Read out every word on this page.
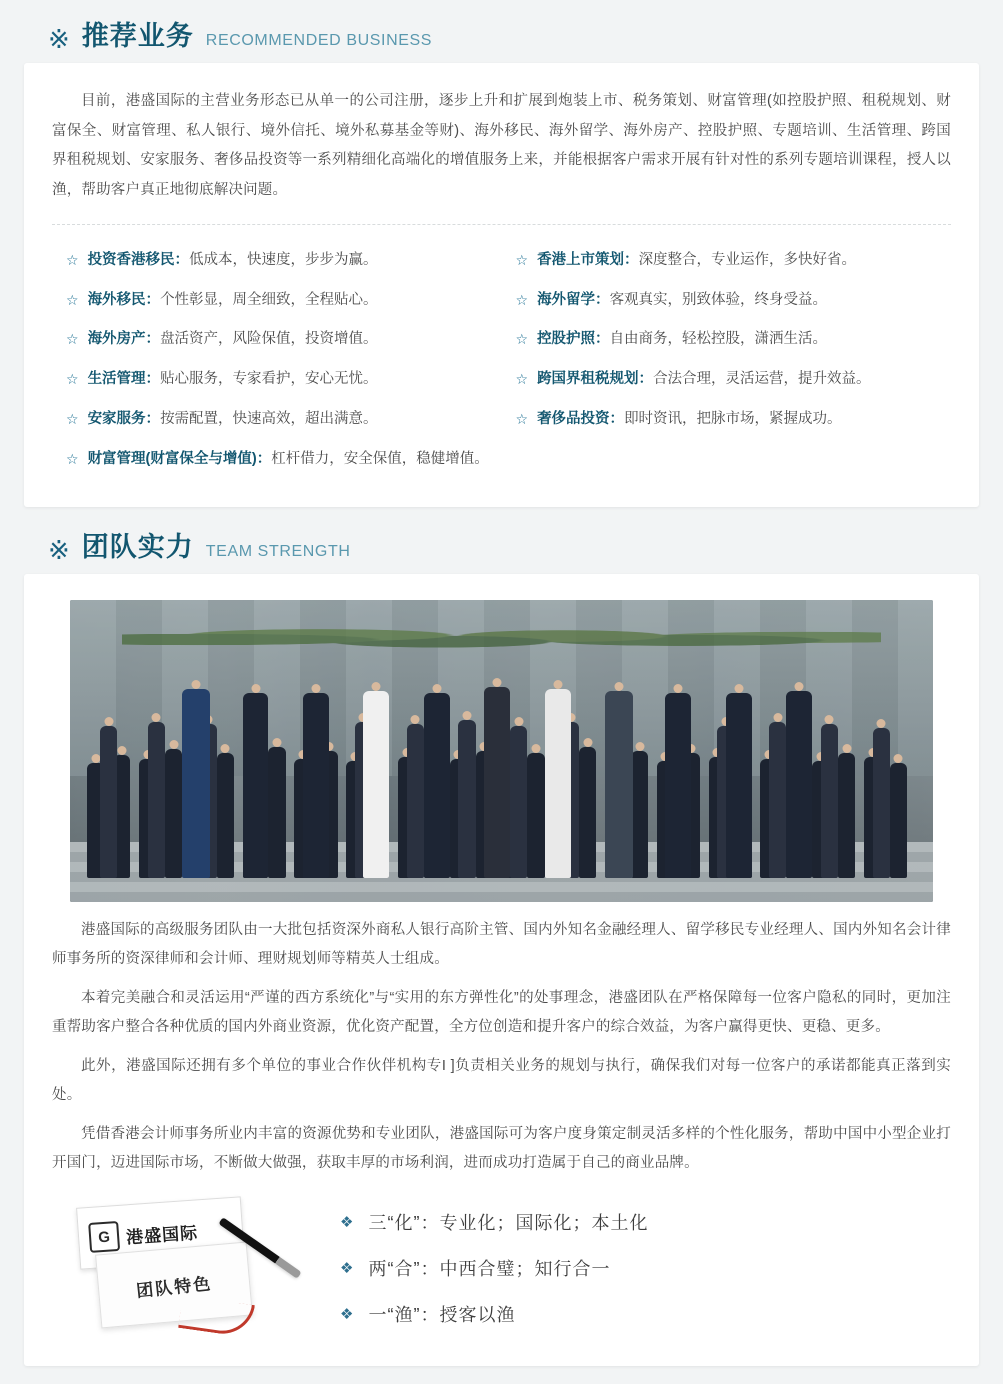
※ 推荐业务 RECOMMENDED BUSINESS

目前，港盛国际的主营业务形态已从单一的公司注册，逐步上升和扩展到炮装上市、税务策划、财富管理(如控股护照、租税规划、财富保全、财富管理、私人银行、境外信托、境外私募基金等财)、海外移民、海外留学、海外房产、控股护照、专题培训、生活管理、跨国界租税规划、安家服务、奢侈品投资等一系列精细化高端化的增值服务上来，并能根据客户需求开展有针对性的系列专题培训课程，授人以渔，帮助客户真正地彻底解决问题。

☆ 投资香港移民：低成本，快速度，步步为赢。	☆ 香港上市策划：深度整合，专业运作，多快好省。
☆ 海外移民：个性彰显，周全细致，全程贴心。	☆ 海外留学：客观真实，别致体验，终身受益。
☆ 海外房产：盘活资产，风险保值，投资增值。	☆ 控股护照：自由商务，轻松控股，潇洒生活。
☆ 生活管理：贴心服务，专家看护，安心无忧。	☆ 跨国界租税规划：合法合理，灵活运营，提升效益。
☆ 安家服务：按需配置，快速高效，超出满意。	☆ 奢侈品投资：即时资讯，把脉市场，紧握成功。
☆ 财富管理(财富保全与增值)：杠杆借力，安全保值，稳健增值。
※ 团队实力 TEAM STRENGTH

港盛国际的高级服务团队由一大批包括资深外商私人银行高阶主管、国内外知名金融经理人、留学移民专业经理人、国内外知名会计律师事务所的资深律师和会计师、理财规划师等精英人士组成。

本着完美融合和灵活运用“严谨的西方系统化”与“实用的东方弹性化”的处事理念，港盛团队在严格保障每一位客户隐私的同时，更加注重帮助客户整合各种优质的国内外商业资源，优化资产配置，全方位创造和提升客户的综合效益，为客户赢得更快、更稳、更多。

此外，港盛国际还拥有多个单位的事业合作伙伴机构专I ]负责相关业务的规划与执行，确保我们对每一位客户的承诺都能真正落到实处。

凭借香港会计师事务所业内丰富的资源优势和专业团队，港盛国际可为客户度身策定制灵活多样的个性化服务，帮助中国中小型企业打开国门，迈进国际市场，不断做大做强，获取丰厚的市场利润，进而成功打造属于自己的商业品牌。

G 港盛国际
团队特色
❖ 三“化”：专业化；国际化；本土化
❖ 两“合”：中西合璧；知行合一
❖ 一“渔”：授客以渔
